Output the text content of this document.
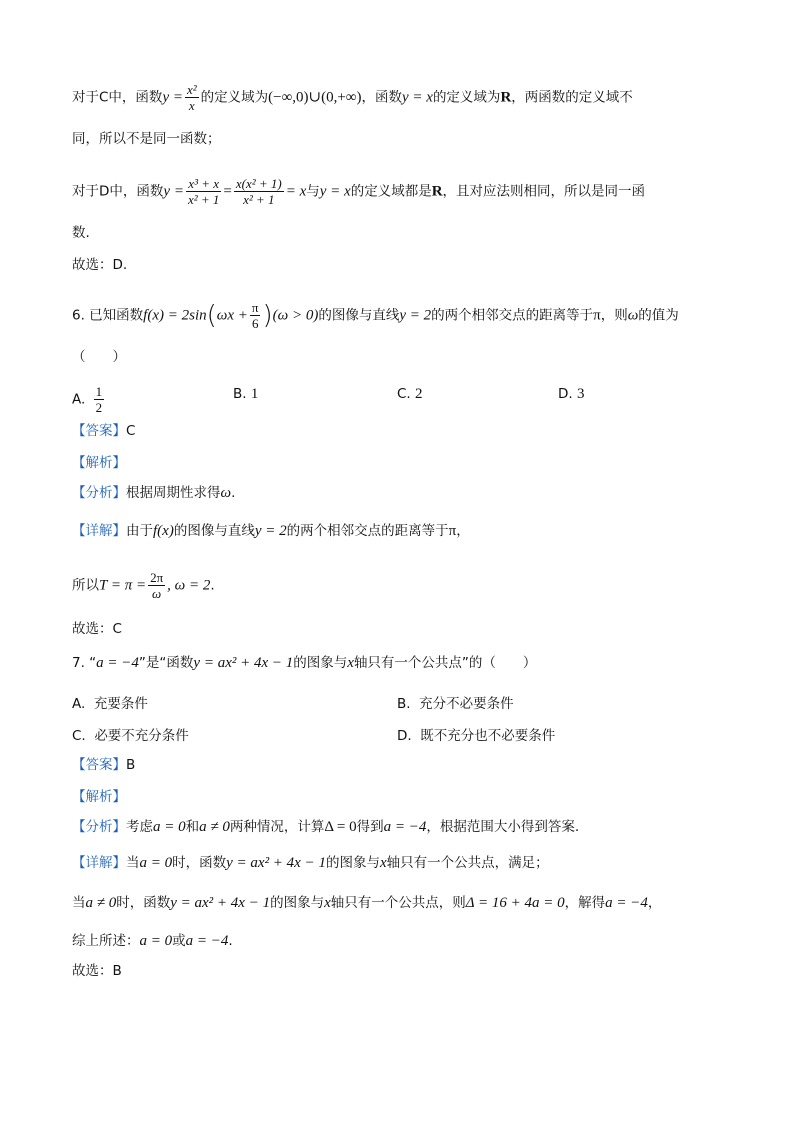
对于C中，函数$y = \frac{\text{x²}}{x}$ 的定义域为(−∞,0)∪(0,+∞)，函数y = x的定义域为R，两函数的定义域不
同，所以不是同一函数；
对于D中，函数$y = \frac{\text{x³ + x}}{\text{x² + 1}} = \frac{\text{x(x² + 1)}}{\text{x² + 1}} = x$与y = x的定义域都是R，且对应法则相同，所以是同一函
数.
故选：D.
6. 已知函数$f(x) = 2\sin(\omega x + \frac{\pi}{6} )(\omega > 0)$的图像与直线y = 2的两个相邻交点的距离等于π，则ω的值为
（　　）
A. $\frac{1}{2}$	B. 1	C. 2	D. 3
【答案】C
【解析】
【分析】根据周期性求得ω.
【详解】由于f(x)的图像与直线y = 2的两个相邻交点的距离等于π，
所以$T = \pi = \frac{2\pi}{\omega}$ , ω = 2.
故选：C
7. “a = −4”是“函数y = ax² + 4x − 1的图象与x轴只有一个公共点”的（　　）
A. 充要条件	B. 充分不必要条件
C. 必要不充分条件	D. 既不充分也不必要条件
【答案】B
【解析】
【分析】考虑a = 0和a ≠ 0两种情况，计算Δ = 0得到a = −4，根据范围大小得到答案.
【详解】当a = 0时，函数y = ax² + 4x − 1的图象与x轴只有一个公共点，满足；
当a ≠ 0时，函数y = ax² + 4x − 1的图象与x轴只有一个公共点，则Δ = 16 + 4a = 0，解得a = −4，
综上所述：a = 0或a = −4.
故选：B
